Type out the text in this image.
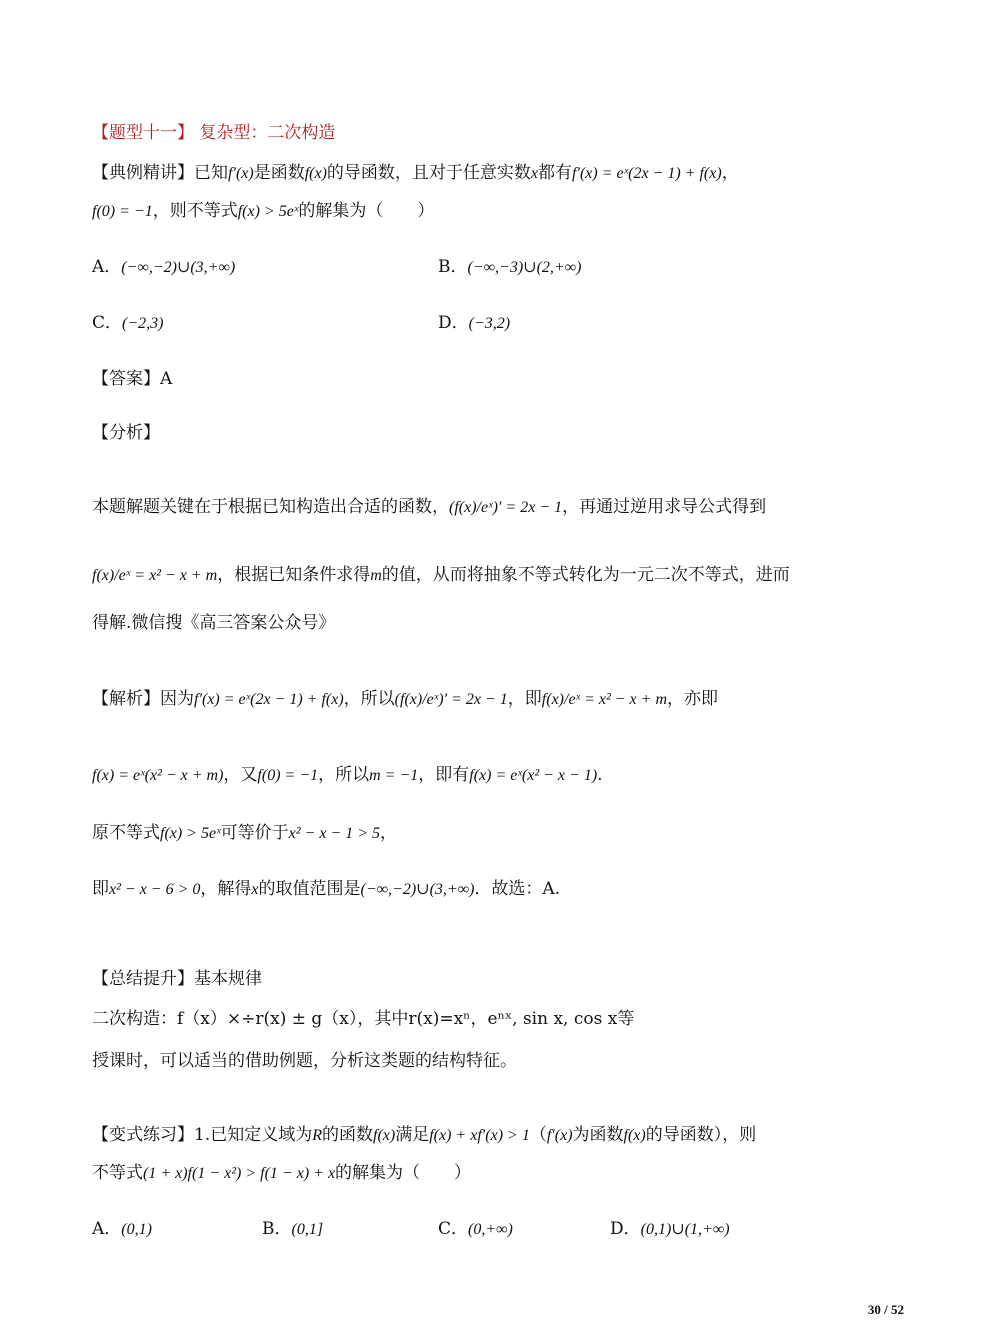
【题型十一】 复杂型：二次构造
【典例精讲】已知f′(x)是函数f(x)的导函数，且对于任意实数x都有f′(x) = eˣ(2x − 1) + f(x)，
f(0) = −1，则不等式f(x) > 5eˣ的解集为（　　）
A．(−∞,−2)∪(3,+∞)	B．(−∞,−3)∪(2,+∞)
C．(−2,3)	D．(−3,2)
【答案】A
【分析】
本题解题关键在于根据已知构造出合适的函数，(f(x)/eˣ)′ = 2x − 1，再通过逆用求导公式得到
f(x)/eˣ = x² − x + m，根据已知条件求得m的值，从而将抽象不等式转化为一元二次不等式，进而
得解.微信搜《高三答案公众号》
【解析】因为f′(x) = eˣ(2x − 1) + f(x)，所以(f(x)/eˣ)′ = 2x − 1，即f(x)/eˣ = x² − x + m，亦即
f(x) = eˣ(x² − x + m)，又f(0) = −1，所以m = −1，即有f(x) = eˣ(x² − x − 1).
原不等式f(x) > 5eˣ可等价于x² − x − 1 > 5，
即x² − x − 6 > 0，解得x的取值范围是(−∞,−2)∪(3,+∞)．故选：A.
【总结提升】基本规律
二次构造：f（x）×÷r(x) ± g（x），其中r(x)=xⁿ，eⁿˣ, sin x, cos x等
授课时，可以适当的借助例题，分析这类题的结构特征。
【变式练习】1.已知定义域为R的函数f(x)满足f(x) + xf′(x) > 1（f′(x)为函数f(x)的导函数），则
不等式(1 + x)f(1 − x²) > f(1 − x) + x的解集为（　　）
A．(0,1)	B．(0,1]	C．(0,+∞)	D．(0,1)∪(1,+∞)
30 / 52
